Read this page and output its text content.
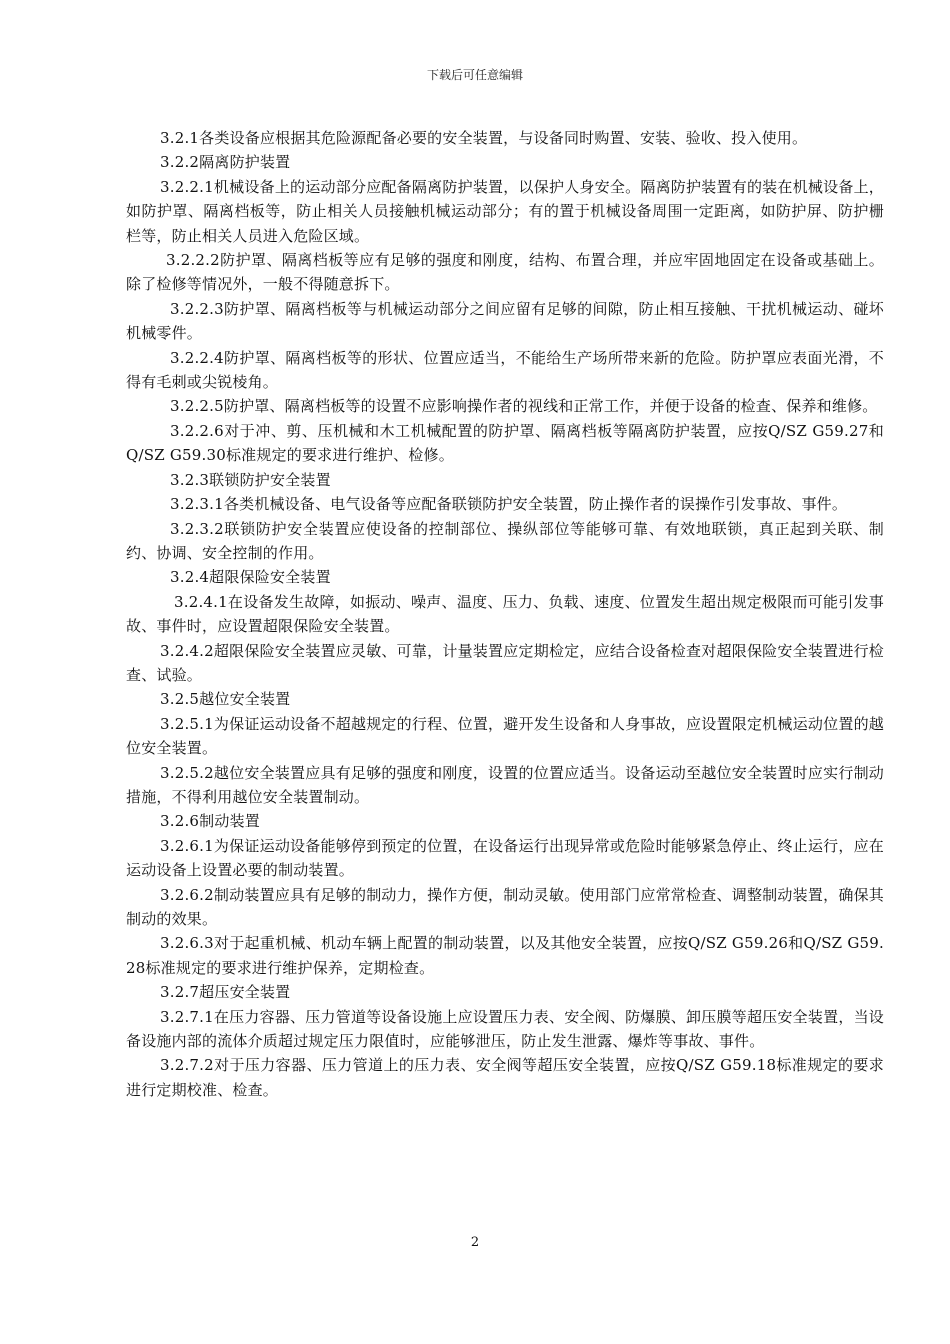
下载后可任意编辑

3.2.1各类设备应根据其危险源配备必要的安全装置，与设备同时购置、安装、验收、投入使用。

3.2.2隔离防护装置

3.2.2.1机械设备上的运动部分应配备隔离防护装置，以保护人身安全。隔离防护装置有的装在机械设备上，如防护罩、隔离档板等，防止相关人员接触机械运动部分；有的置于机械设备周围一定距离，如防护屏、防护栅栏等，防止相关人员进入危险区域。

3.2.2.2防护罩、隔离档板等应有足够的强度和刚度，结构、布置合理，并应牢固地固定在设备或基础上。除了检修等情况外，一般不得随意拆下。

3.2.2.3防护罩、隔离档板等与机械运动部分之间应留有足够的间隙，防止相互接触、干扰机械运动、碰坏机械零件。

3.2.2.4防护罩、隔离档板等的形状、位置应适当，不能给生产场所带来新的危险。防护罩应表面光滑，不得有毛刺或尖锐棱角。

3.2.2.5防护罩、隔离档板等的设置不应影响操作者的视线和正常工作，并便于设备的检查、保养和维修。

3.2.2.6对于冲、剪、压机械和木工机械配置的防护罩、隔离档板等隔离防护装置，应按Q/SZ G59.27和Q/SZ G59.30标准规定的要求进行维护、检修。

3.2.3联锁防护安全装置

3.2.3.1各类机械设备、电气设备等应配备联锁防护安全装置，防止操作者的误操作引发事故、事件。

3.2.3.2联锁防护安全装置应使设备的控制部位、操纵部位等能够可靠、有效地联锁，真正起到关联、制约、协调、安全控制的作用。

3.2.4超限保险安全装置

3.2.4.1在设备发生故障，如振动、噪声、温度、压力、负载、速度、位置发生超出规定极限而可能引发事故、事件时，应设置超限保险安全装置。

3.2.4.2超限保险安全装置应灵敏、可靠，计量装置应定期检定，应结合设备检查对超限保险安全装置进行检查、试验。

3.2.5越位安全装置

3.2.5.1为保证运动设备不超越规定的行程、位置，避开发生设备和人身事故，应设置限定机械运动位置的越位安全装置。

3.2.5.2越位安全装置应具有足够的强度和刚度，设置的位置应适当。设备运动至越位安全装置时应实行制动措施，不得利用越位安全装置制动。

3.2.6制动装置

3.2.6.1为保证运动设备能够停到预定的位置，在设备运行出现异常或危险时能够紧急停止、终止运行，应在运动设备上设置必要的制动装置。

3.2.6.2制动装置应具有足够的制动力，操作方便，制动灵敏。使用部门应常常检查、调整制动装置，确保其制动的效果。

3.2.6.3对于起重机械、机动车辆上配置的制动装置，以及其他安全装置，应按Q/SZ G59.26和Q/SZ G59.28标准规定的要求进行维护保养，定期检查。

3.2.7超压安全装置

3.2.7.1在压力容器、压力管道等设备设施上应设置压力表、安全阀、防爆膜、卸压膜等超压安全装置，当设备设施内部的流体介质超过规定压力限值时，应能够泄压，防止发生泄露、爆炸等事故、事件。

3.2.7.2对于压力容器、压力管道上的压力表、安全阀等超压安全装置，应按Q/SZ G59.18标准规定的要求进行定期校准、检查。

2
